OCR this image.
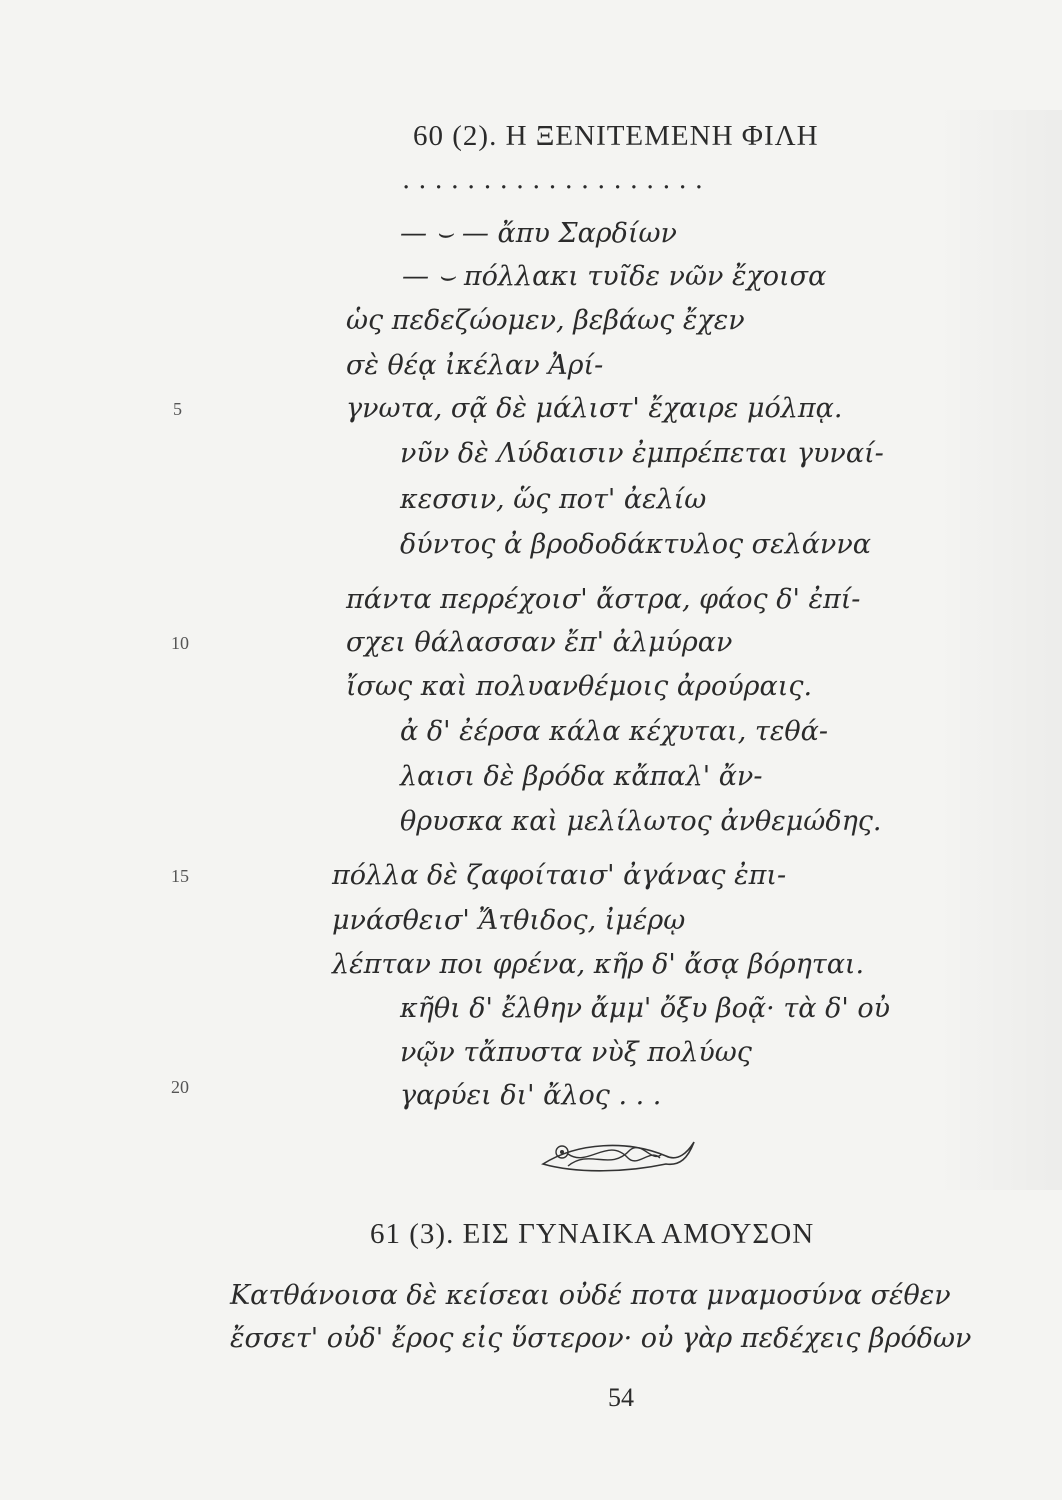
60 (2). Η ΞΕΝΙΤΕΜΕΝΗ ΦΙΛΗ
...................
— ⌣ — ἄπυ Σαρδίων
— ⌣ πόλλακι τυῖδε νῶν ἔχοισα
ὡς πεδεζώομεν, βεβάως ἔχεν
σὲ θέᾳ ἰκέλαν Ἀρί-
γνωτα, σᾷ δὲ μάλιστ' ἔχαιρε μόλπᾳ.
νῦν δὲ Λύδαισιν ἐμπρέπεται γυναί-
κεσσιν, ὥς ποτ' ἀελίω
δύντος ἀ βροδοδάκτυλος σελάννα
πάντα περρέχοισ' ἄστρα, φάος δ' ἐπί-
σχει θάλασσαν ἔπ' ἀλμύραν
ἴσως καὶ πολυανθέμοις ἀρούραις.
ἀ δ' ἐέρσα κάλα κέχυται, τεθά-
λαισι δὲ βρόδα κἄπαλ' ἄν-
θρυσκα καὶ μελίλωτος ἀνθεμώδης.
πόλλα δὲ ζαφοίταισ' ἀγάνας ἐπι-
μνάσθεισ' Ἄτθιδος, ἰμέρῳ
λέπταν ποι φρένα, κῆρ δ' ἄσᾳ βόρηται.
κῆθι δ' ἔλθην ἄμμ' ὄξυ βοᾷ· τὰ δ' οὐ
νῷν τἄπυστα νὺξ πολύως
γαρύει δι' ἄλος . . .
5
10
15
20
61 (3). ΕΙΣ ΓΥΝΑΙΚΑ ΑΜΟΥΣΟΝ
Κατθάνοισα δὲ κείσεαι οὐδέ ποτα μναμοσύνα σέθεν
ἔσσετ' οὐδ' ἔρος εἰς ὕστερον· οὐ γὰρ πεδέχεις βρόδων
54
